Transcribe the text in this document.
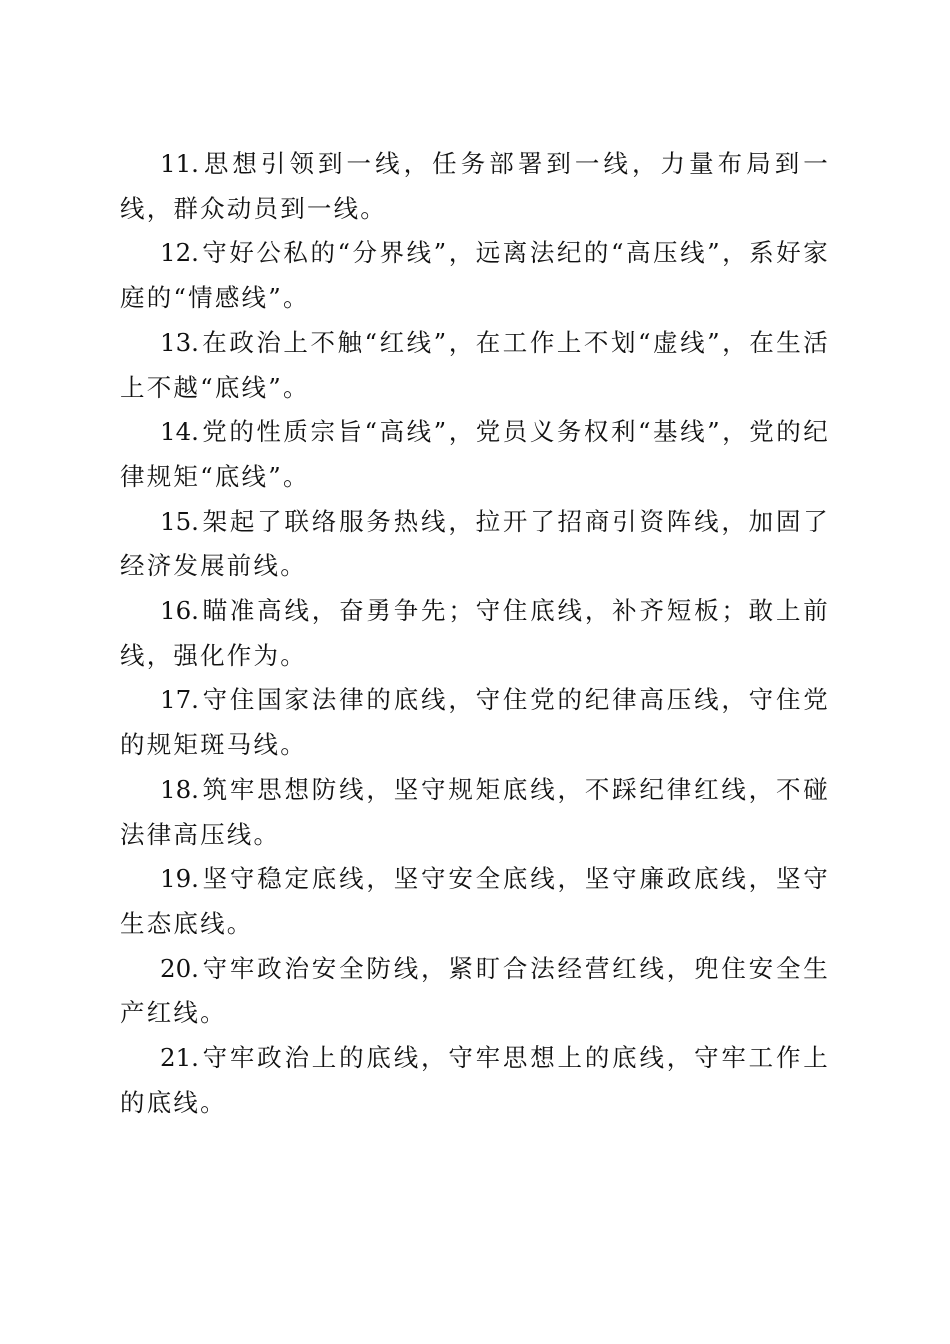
11. 思想引领到一线，任务部署到一线，力量布局到一线，群众动员到一线。

12. 守好公私的“分界线”，远离法纪的“高压线”，系好家庭的“情感线”。

13. 在政治上不触“红线”，在工作上不划“虚线”，在生活上不越“底线”。

14. 党的性质宗旨“高线”，党员义务权利“基线”，党的纪律规矩“底线”。

15. 架起了联络服务热线，拉开了招商引资阵线，加固了经济发展前线。

16. 瞄准高线，奋勇争先；守住底线，补齐短板；敢上前线，强化作为。

17. 守住国家法律的底线，守住党的纪律高压线，守住党的规矩斑马线。

18. 筑牢思想防线，坚守规矩底线，不踩纪律红线，不碰法律高压线。

19. 坚守稳定底线，坚守安全底线，坚守廉政底线，坚守生态底线。

20. 守牢政治安全防线，紧盯合法经营红线，兜住安全生产红线。

21. 守牢政治上的底线，守牢思想上的底线，守牢工作上的底线。
